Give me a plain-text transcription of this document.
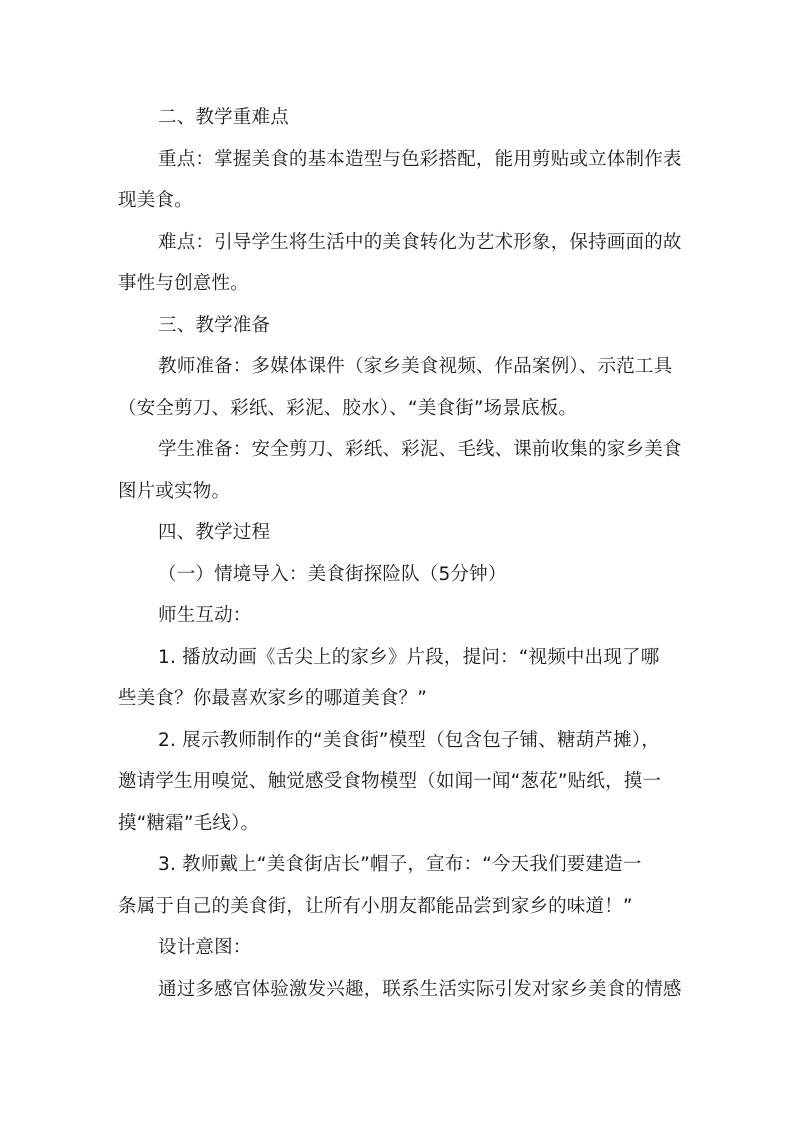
二、教学重难点
重点：掌握美食的基本造型与色彩搭配，能用剪贴或立体制作表
现美食。
难点：引导学生将生活中的美食转化为艺术形象，保持画面的故
事性与创意性。
三、教学准备
教师准备：多媒体课件（家乡美食视频、作品案例）、示范工具
（安全剪刀、彩纸、彩泥、胶水）、“美食街”场景底板。
学生准备：安全剪刀、彩纸、彩泥、毛线、课前收集的家乡美食
图片或实物。
四、教学过程
（一）情境导入：美食街探险队（5分钟）
师生互动：
1. 播放动画《舌尖上的家乡》片段，提问：“视频中出现了哪
些美食？你最喜欢家乡的哪道美食？”
2. 展示教师制作的“美食街”模型（包含包子铺、糖葫芦摊），
邀请学生用嗅觉、触觉感受食物模型（如闻一闻“葱花”贴纸，摸一
摸“糖霜”毛线）。
3. 教师戴上“美食街店长”帽子，宣布：“今天我们要建造一
条属于自己的美食街，让所有小朋友都能品尝到家乡的味道！”
设计意图：
通过多感官体验激发兴趣，联系生活实际引发对家乡美食的情感
